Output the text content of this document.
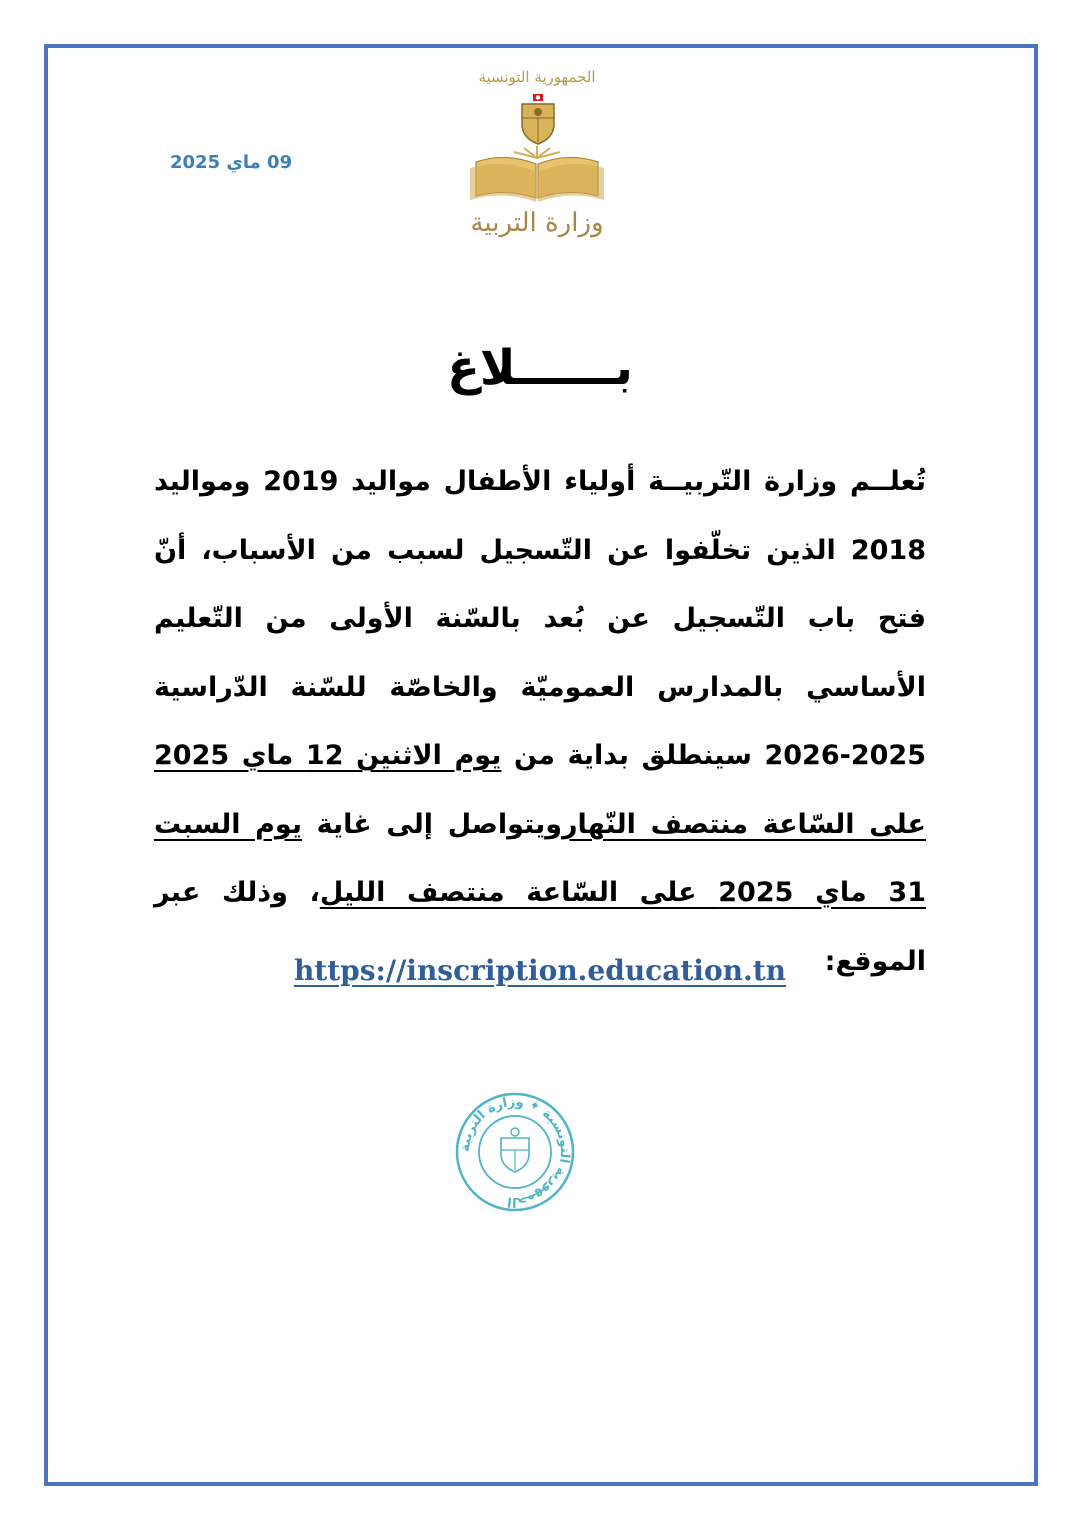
09 ماي 2025
الجمهورية التونسية
وزارة التربية
بــــــلاغ
تُعلــم وزارة التّربيــة أولياء الأطفال مواليد 2019 ومواليد 2018 الذين تخلّفوا عن التّسجيل لسبب من الأسباب، أنّ فتح باب التّسجيل عن بُعد بالسّنة الأولى من التّعليم الأساسي بالمدارس العموميّة والخاصّة للسّنة الدّراسية 2025-2026 سينطلق بداية من يوم الاثنين 12 ماي 2025 على السّاعة منتصف النّهارويتواصل إلى غاية يوم السبت 31 ماي 2025 على السّاعة منتصف الليل، وذلك عبر الموقع:
https://inscription.education.tn
الجمهورية التونسية ✦ وزارة التربية
